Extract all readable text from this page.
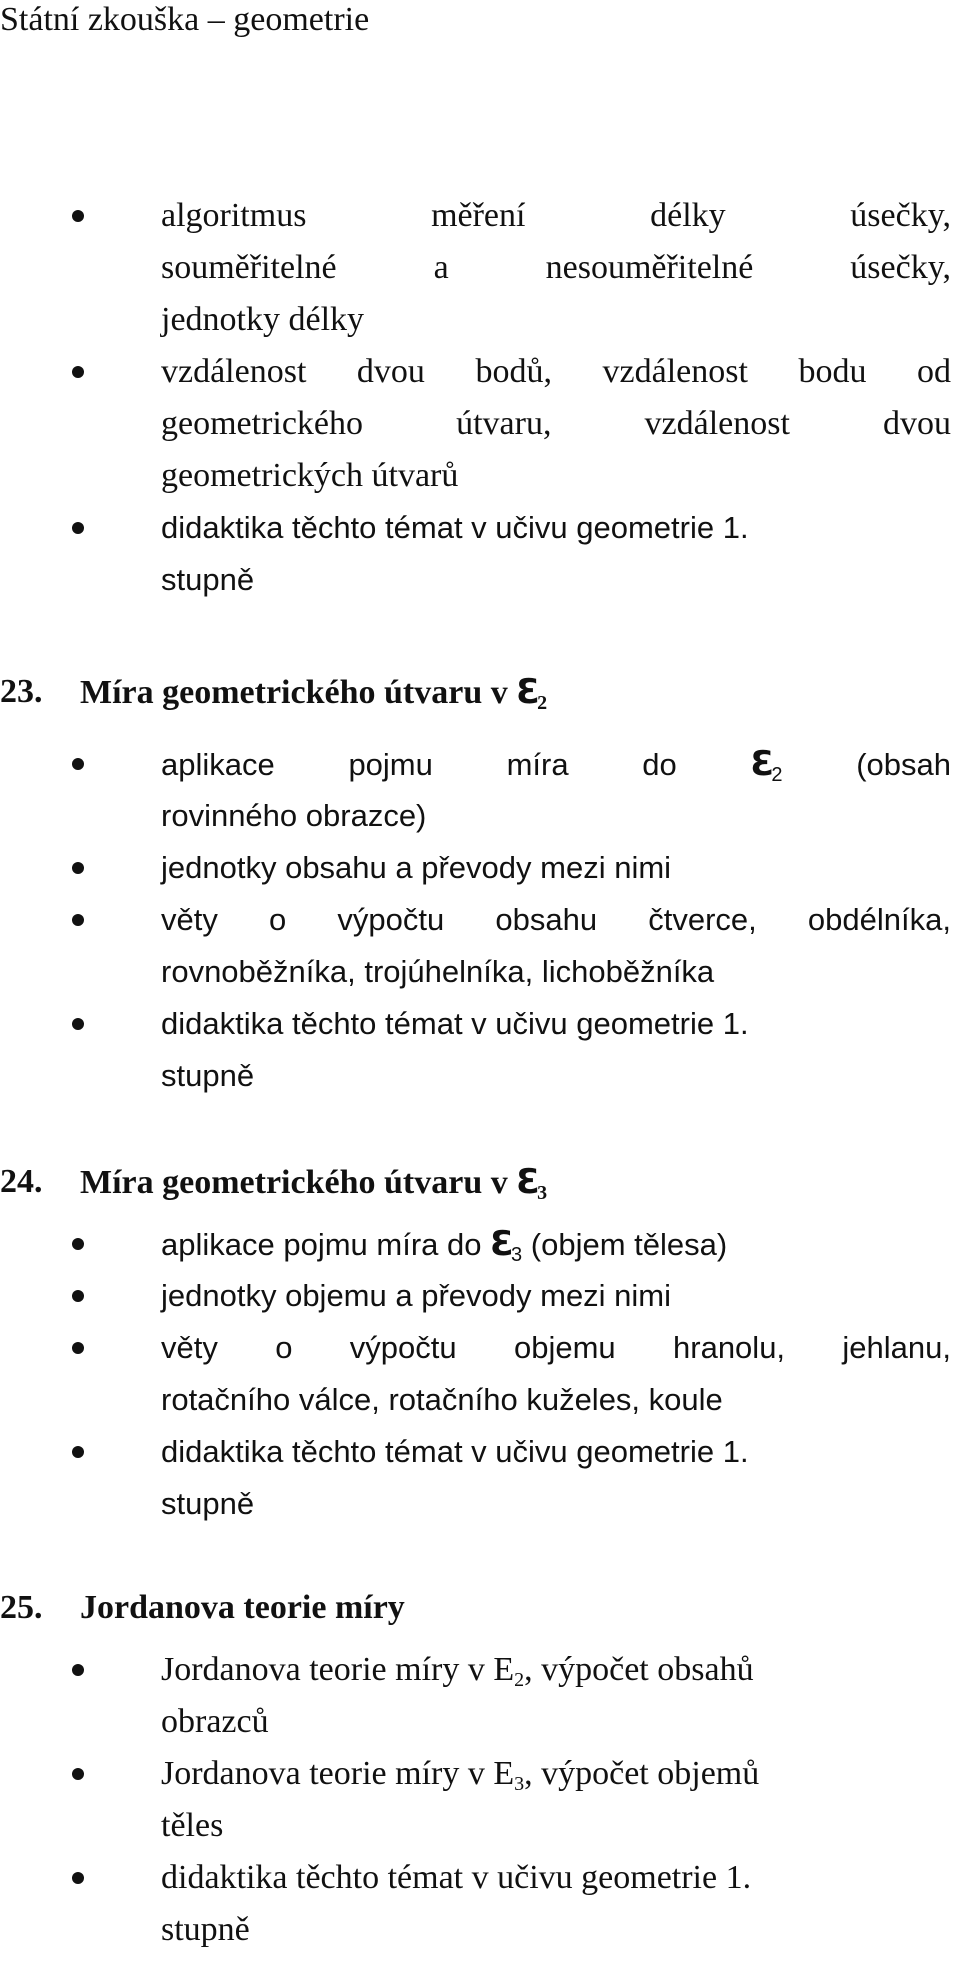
Státní zkouška – geometrie
algoritmus měření délky úsečky,
souměřitelné a nesouměřitelné úsečky,
jednotky délky
vzdálenost dvou bodů, vzdálenost bodu od
geometrického útvaru, vzdálenost dvou
geometrických útvarů
didaktika těchto témat v učivu geometrie 1.
stupně
23. Míra geometrického útvaru v ℇ2
aplikace pojmu míra do ℇ$_2$ (obsah
rovinného obrazce)
jednotky obsahu a převody mezi nimi
věty o výpočtu obsahu čtverce, obdélníka,
rovnoběžníka, trojúhelníka, lichoběžníka
didaktika těchto témat v učivu geometrie 1.
stupně
24. Míra geometrického útvaru v ℇ3
aplikace pojmu míra do ℇ$_3$ (objem tělesa)
jednotky objemu a převody mezi nimi
věty o výpočtu objemu hranolu, jehlanu,
rotačního válce, rotačního kuželes, koule
didaktika těchto témat v učivu geometrie 1.
stupně
25. Jordanova teorie míry
Jordanova teorie míry v $E_2$, výpočet obsahů
obrazců
Jordanova teorie míry v $E_3$, výpočet objemů
těles
didaktika těchto témat v učivu geometrie 1.
stupně
